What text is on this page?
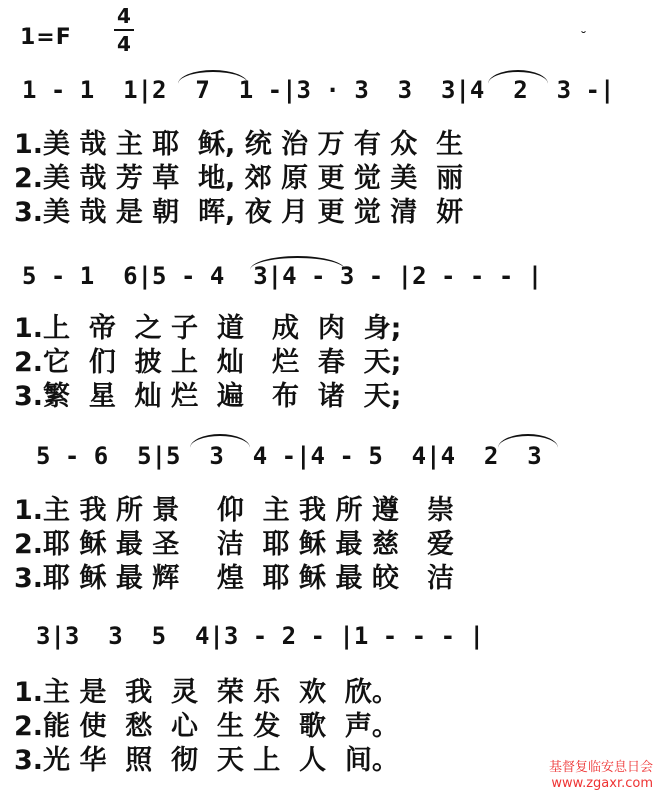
1=F
4
4	˘
1 - 1  1|2  7  1 -|3 · 3  3  3|4  2  3 -|
1.美 哉 主 耶  稣, 统 治 万 有 众  生
2.美 哉 芳 草  地, 郊 原 更 觉 美  丽
3.美 哉 是 朝  晖, 夜 月 更 觉 清  妍
5 - 1  6|5 - 4  3|4 - 3 - |2 - - - |
1.上  帝  之 子  道   成  肉  身;
2.它  们  披 上  灿   烂  春  天;
3.繁  星  灿 烂  遍   布  诸  天;
5 - 6  5|5  3  4 -|4 - 5  4|4  2  3
1.主 我 所 景    仰  主 我 所 遵   崇
2.耶 稣 最 圣    洁  耶 稣 最 慈   爱
3.耶 稣 最 辉    煌  耶 稣 最 皎   洁
3|3  3  5  4|3 - 2 - |1 - - - |
1.主 是  我  灵  荣 乐  欢  欣。
2.能 使  愁  心  生 发  歌  声。
3.光 华  照  彻  天 上  人  间。	基督复临安息日会
www.zgaxr.com
